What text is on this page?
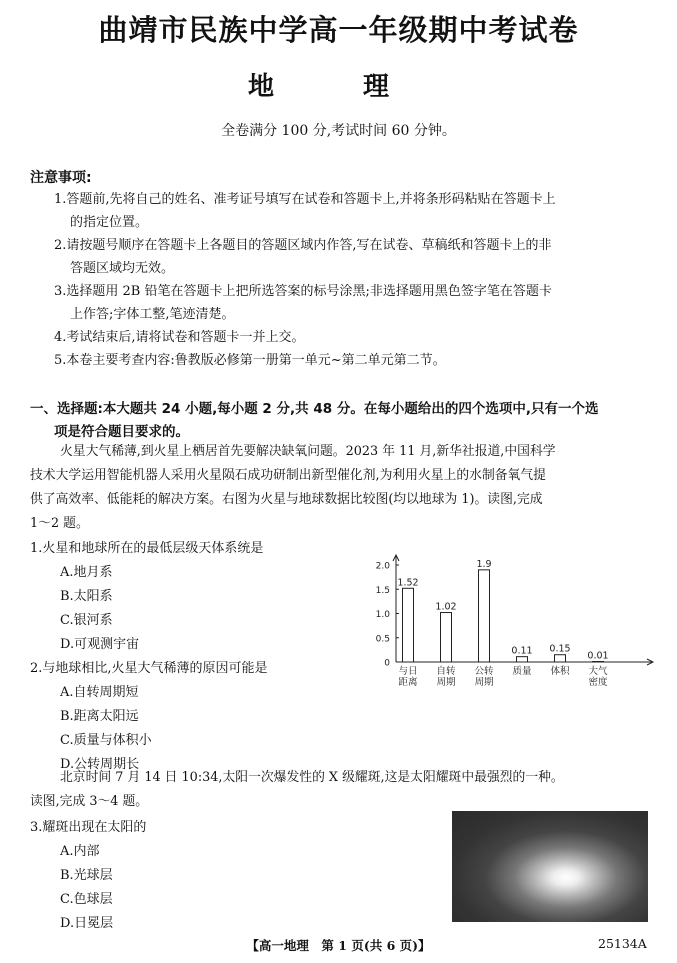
曲靖市民族中学高一年级期中考试卷
地 理
全卷满分 100 分,考试时间 60 分钟。
注意事项:
1.答题前,先将自己的姓名、准考证号填写在试卷和答题卡上,并将条形码粘贴在答题卡上
的指定位置。
2.请按题号顺序在答题卡上各题目的答题区域内作答,写在试卷、草稿纸和答题卡上的非
答题区域均无效。
3.选择题用 2B 铅笔在答题卡上把所选答案的标号涂黑;非选择题用黑色签字笔在答题卡
上作答;字体工整,笔迹清楚。
4.考试结束后,请将试卷和答题卡一并上交。
5.本卷主要考查内容:鲁教版必修第一册第一单元~第二单元第二节。
一、选择题:本大题共 24 小题,每小题 2 分,共 48 分。在每小题给出的四个选项中,只有一个选
项是符合题目要求的。
火星大气稀薄,到火星上栖居首先要解决缺氧问题。2023 年 11 月,新华社报道,中国科学
技术大学运用智能机器人采用火星陨石成功研制出新型催化剂,为利用火星上的水制备氧气提
供了高效率、低能耗的解决方案。右图为火星与地球数据比较图(均以地球为 1)。读图,完成
1～2 题。
1.火星和地球所在的最低层级天体系统是
A.地月系
B.太阳系
C.银河系
D.可观测宇宙
2.与地球相比,火星大气稀薄的原因可能是
A.自转周期短
B.距离太阳远
C.质量与体积小
D.公转周期长
北京时间 7 月 14 日 10:34,太阳一次爆发性的 X 级耀斑,这是太阳耀斑中最强烈的一种。
读图,完成 3～4 题。
3.耀斑出现在太阳的
A.内部
B.光球层
C.色球层
D.日冕层
0
0.5
1.0
1.5
2.0
1.52
与日
距离
1.02
自转
周期
1.9
公转
周期
0.11
质量
0.15
体积
0.01
大气
密度
【高一地理　第 1 页(共 6 页)】	25134A
